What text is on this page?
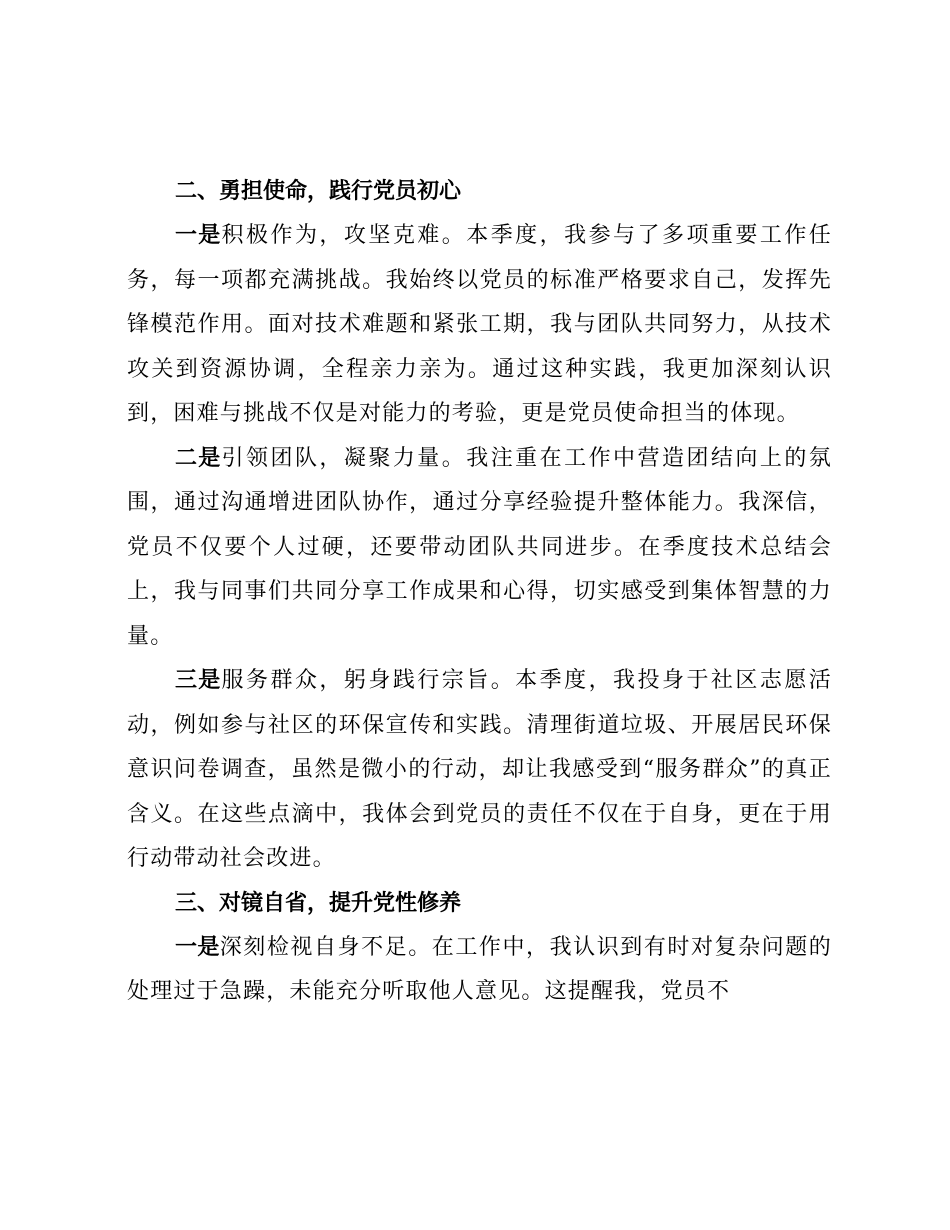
二、勇担使命，践行党员初心

一是积极作为，攻坚克难。本季度，我参与了多项重要工作任务，每一项都充满挑战。我始终以党员的标准严格要求自己，发挥先锋模范作用。面对技术难题和紧张工期，我与团队共同努力，从技术攻关到资源协调，全程亲力亲为。通过这种实践，我更加深刻认识到，困难与挑战不仅是对能力的考验，更是党员使命担当的体现。

二是引领团队，凝聚力量。我注重在工作中营造团结向上的氛围，通过沟通增进团队协作，通过分享经验提升整体能力。我深信，党员不仅要个人过硬，还要带动团队共同进步。在季度技术总结会上，我与同事们共同分享工作成果和心得，切实感受到集体智慧的力量。

三是服务群众，躬身践行宗旨。本季度，我投身于社区志愿活动，例如参与社区的环保宣传和实践。清理街道垃圾、开展居民环保意识问卷调查，虽然是微小的行动，却让我感受到“服务群众”的真正含义。在这些点滴中，我体会到党员的责任不仅在于自身，更在于用行动带动社会改进。

三、对镜自省，提升党性修养

一是深刻检视自身不足。在工作中，我认识到有时对复杂问题的处理过于急躁，未能充分听取他人意见。这提醒我，党员不
